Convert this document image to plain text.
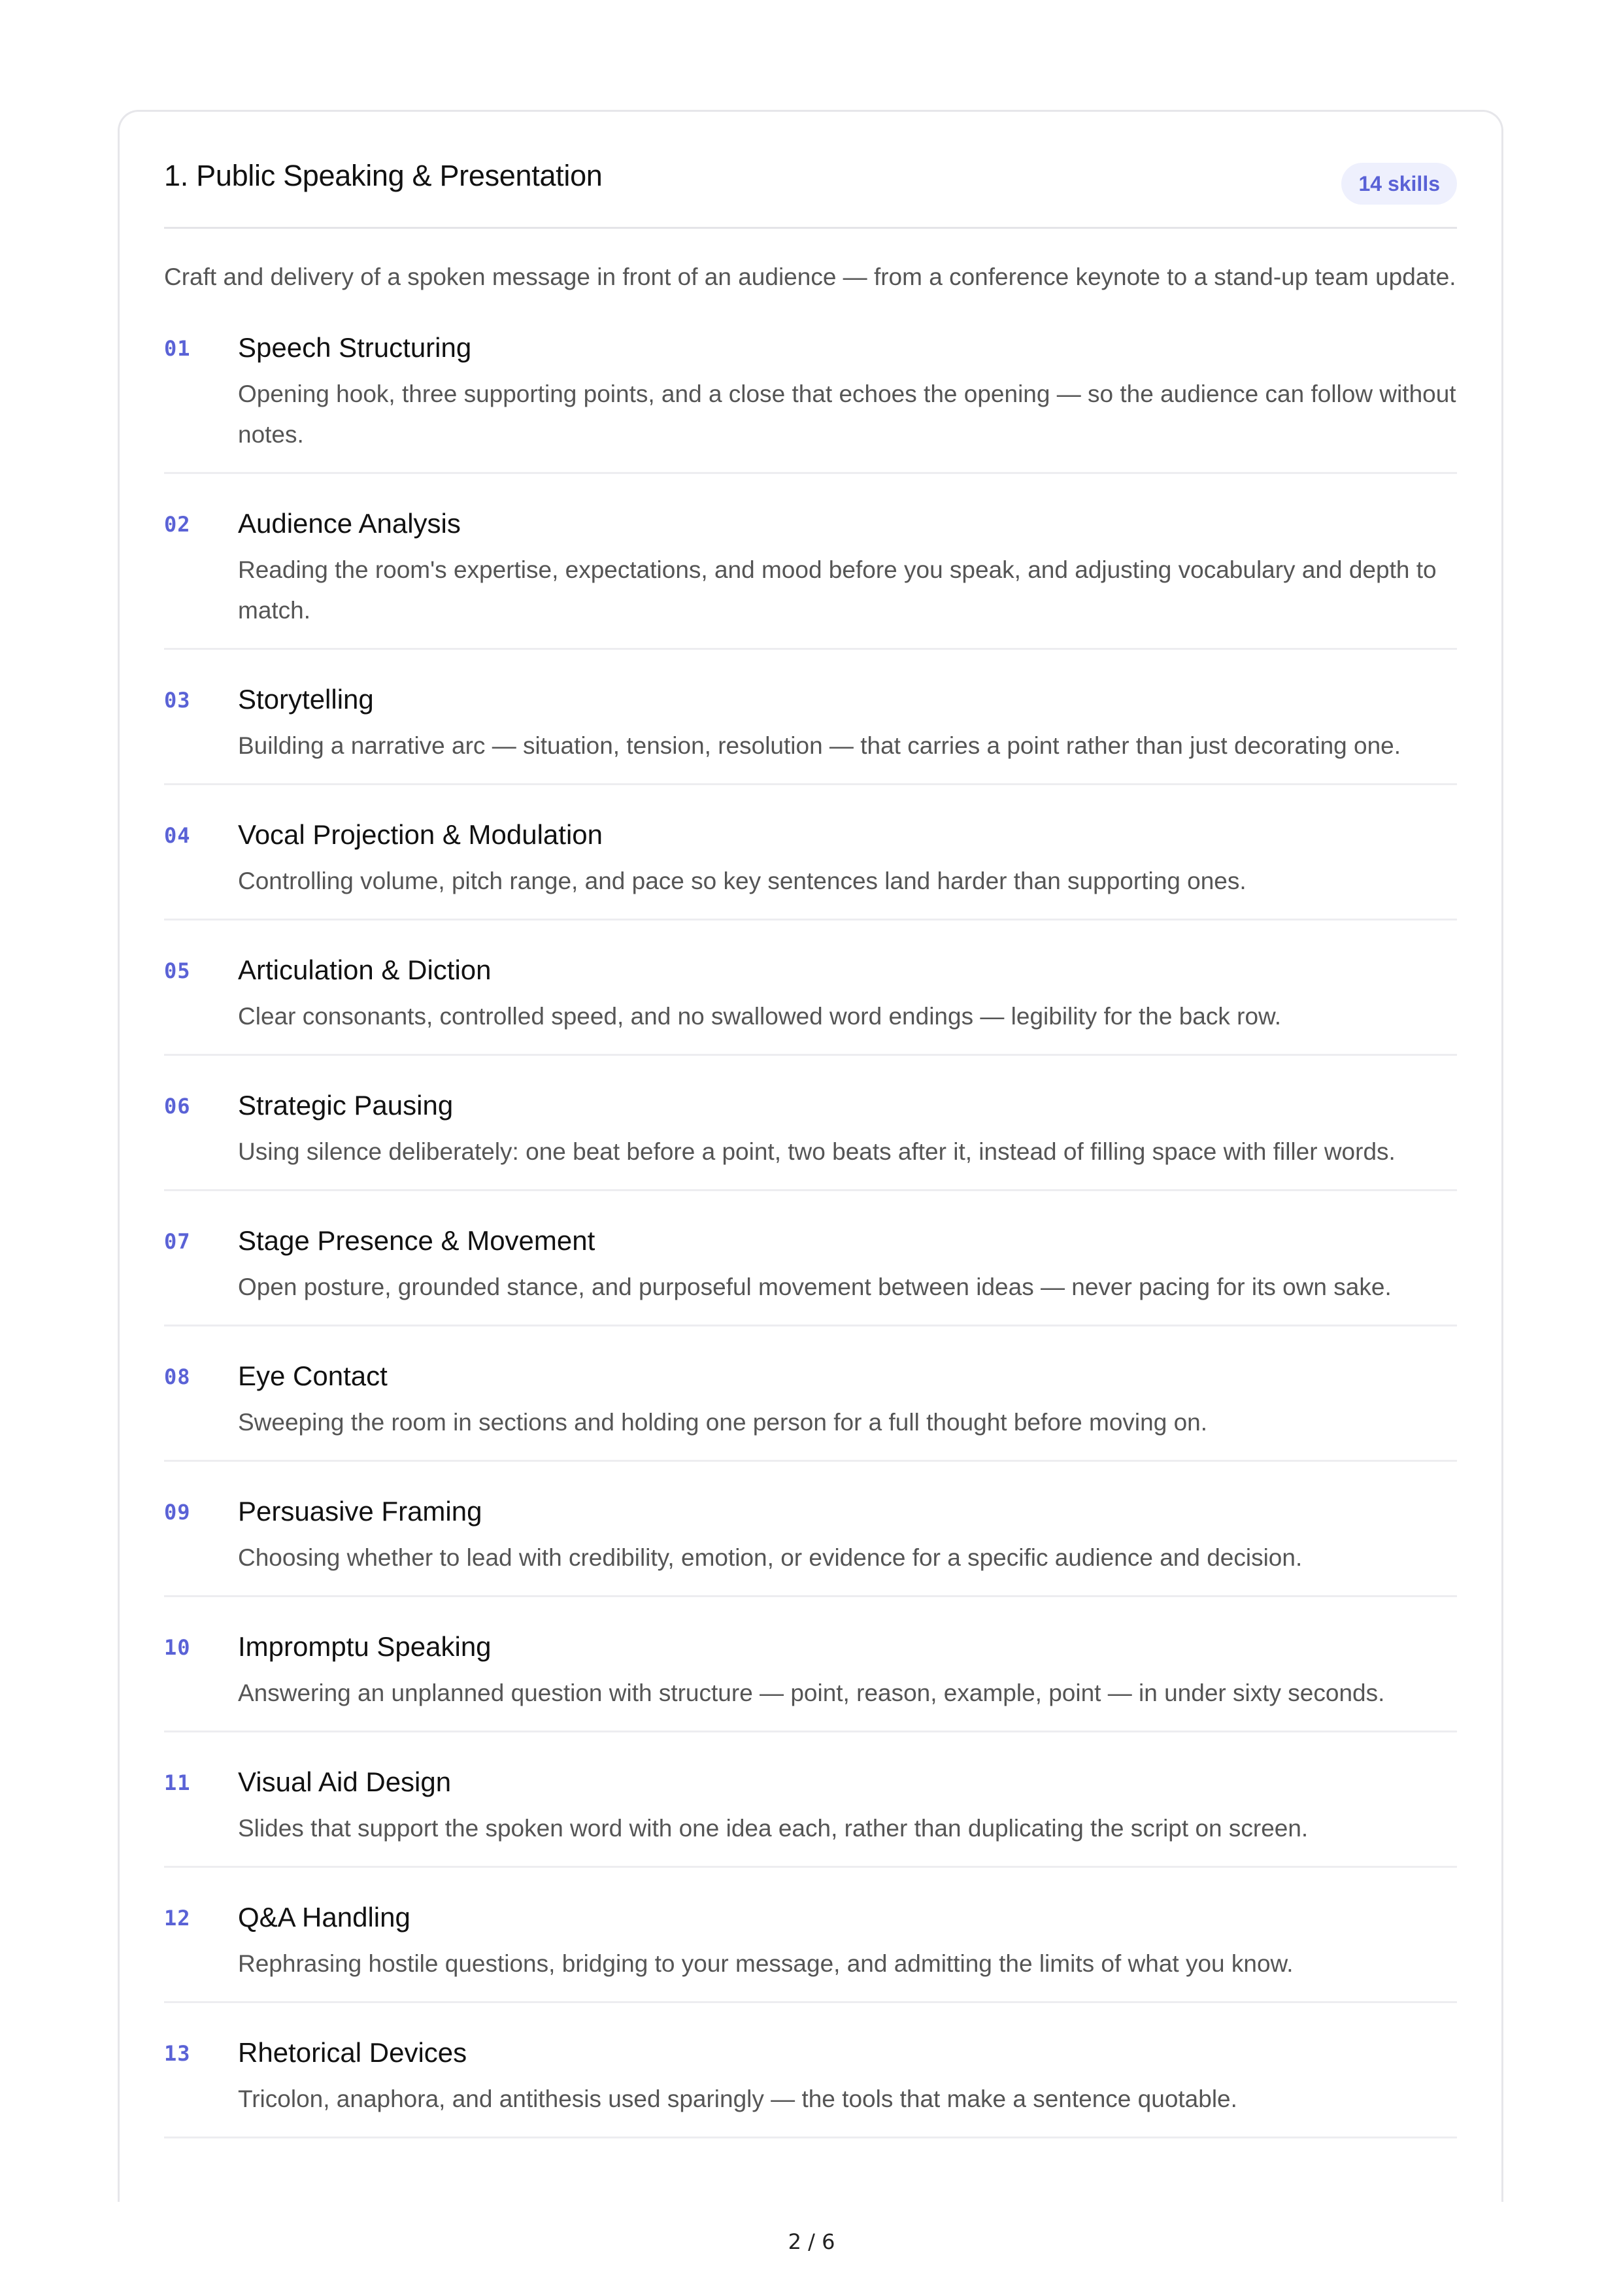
1. Public Speaking & Presentation	14 skills
Craft and delivery of a spoken message in front of an audience — from a conference keynote to a stand-up team update.
01 Speech Structuring
Opening hook, three supporting points, and a close that echoes the opening — so the audience can follow without notes.
02 Audience Analysis
Reading the room's expertise, expectations, and mood before you speak, and adjusting vocabulary and depth to match.
03 Storytelling
Building a narrative arc — situation, tension, resolution — that carries a point rather than just decorating one.
04 Vocal Projection & Modulation
Controlling volume, pitch range, and pace so key sentences land harder than supporting ones.
05 Articulation & Diction
Clear consonants, controlled speed, and no swallowed word endings — legibility for the back row.
06 Strategic Pausing
Using silence deliberately: one beat before a point, two beats after it, instead of filling space with filler words.
07 Stage Presence & Movement
Open posture, grounded stance, and purposeful movement between ideas — never pacing for its own sake.
08 Eye Contact
Sweeping the room in sections and holding one person for a full thought before moving on.
09 Persuasive Framing
Choosing whether to lead with credibility, emotion, or evidence for a specific audience and decision.
10 Impromptu Speaking
Answering an unplanned question with structure — point, reason, example, point — in under sixty seconds.
11 Visual Aid Design
Slides that support the spoken word with one idea each, rather than duplicating the script on screen.
12 Q&A Handling
Rephrasing hostile questions, bridging to your message, and admitting the limits of what you know.
13 Rhetorical Devices
Tricolon, anaphora, and antithesis used sparingly — the tools that make a sentence quotable.
2 / 6
